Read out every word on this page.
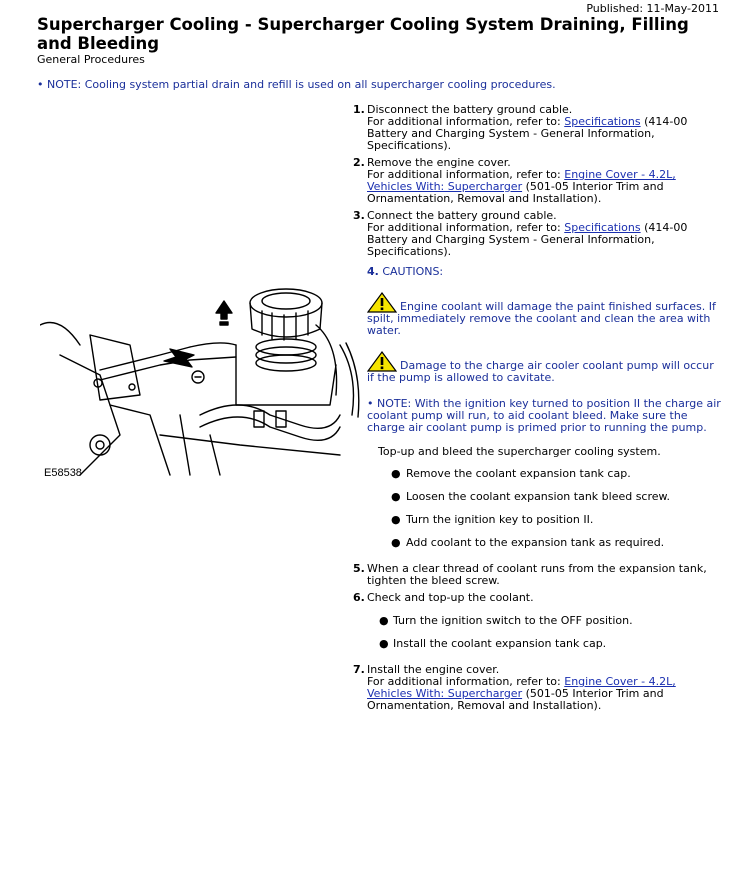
Published: 11-May-2011
Supercharger Cooling - Supercharger Cooling System Draining, Filling and Bleeding
General Procedures
• NOTE: Cooling system partial drain and refill is used on all supercharger cooling procedures.
E58538
1. Disconnect the battery ground cable.
For additional information, refer to: Specifications (414-00 Battery and Charging System - General Information, Specifications).
2. Remove the engine cover.
For additional information, refer to: Engine Cover - 4.2L, Vehicles With: Supercharger (501-05 Interior Trim and Ornamentation, Removal and Installation).
3. Connect the battery ground cable.
For additional information, refer to: Specifications (414-00 Battery and Charging System - General Information, Specifications).
4. CAUTIONS:
Engine coolant will damage the paint finished surfaces. If spilt, immediately remove the coolant and clean the area with water.
Damage to the charge air cooler coolant pump will occur if the pump is allowed to cavitate.
• NOTE: With the ignition key turned to position II the charge air coolant pump will run, to aid coolant bleed. Make sure the charge air coolant pump is primed prior to running the pump.
Top-up and bleed the supercharger cooling system.
● Remove the coolant expansion tank cap.
● Loosen the coolant expansion tank bleed screw.
● Turn the ignition key to position II.
● Add coolant to the expansion tank as required.
5. When a clear thread of coolant runs from the expansion tank, tighten the bleed screw.
6. Check and top-up the coolant.
● Turn the ignition switch to the OFF position.
● Install the coolant expansion tank cap.
7. Install the engine cover.
For additional information, refer to: Engine Cover - 4.2L, Vehicles With: Supercharger (501-05 Interior Trim and Ornamentation, Removal and Installation).
